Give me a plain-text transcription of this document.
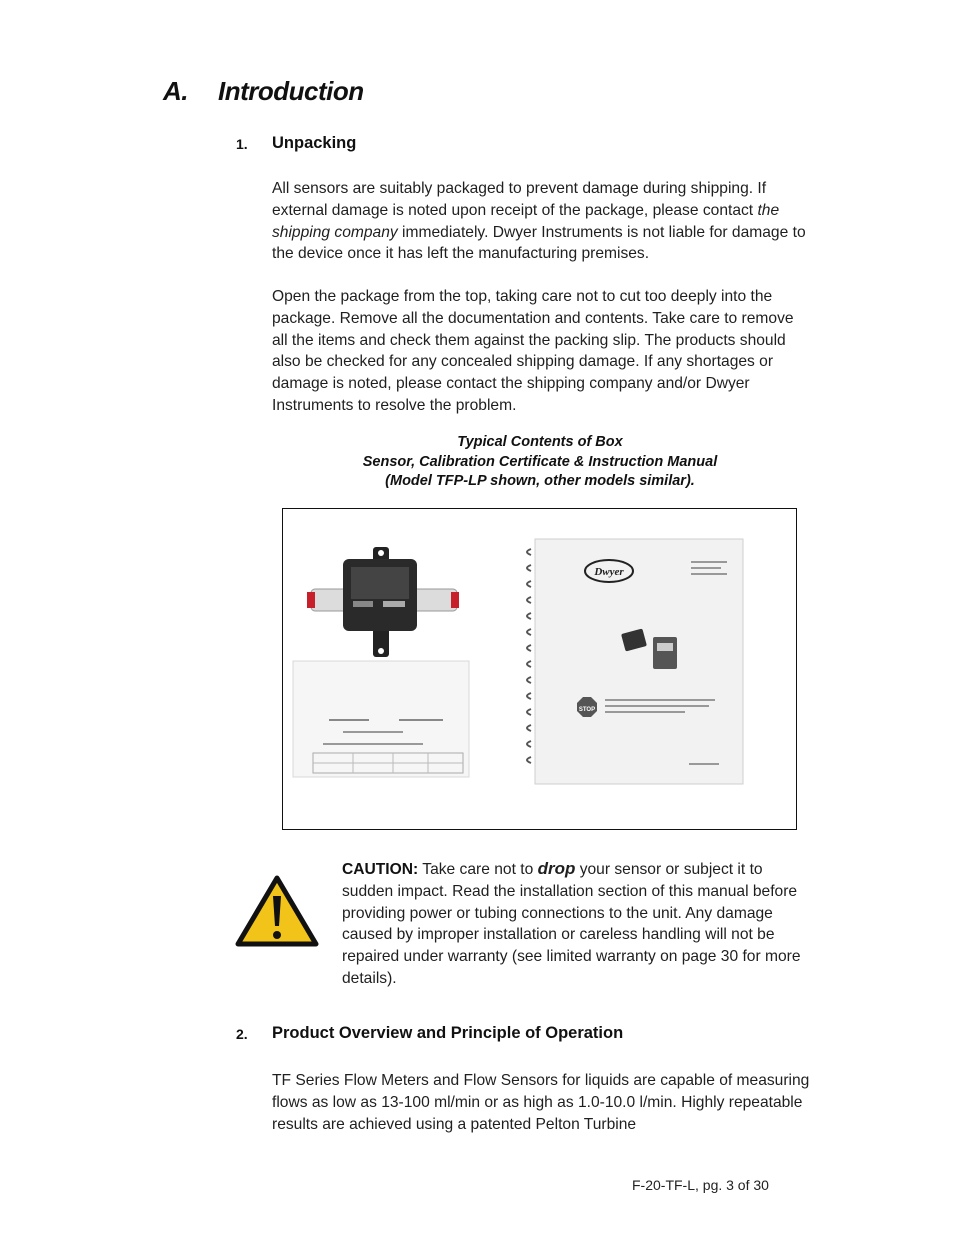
A. Introduction
1. Unpacking
All sensors are suitably packaged to prevent damage during shipping. If external damage is noted upon receipt of the package, please contact the shipping company immediately. Dwyer Instruments is not liable for damage to the device once it has left the manufacturing premises.
Open the package from the top, taking care not to cut too deeply into the package. Remove all the documentation and contents. Take care to remove all the items and check them against the packing slip. The products should also be checked for any concealed shipping damage. If any shortages or damage is noted, please contact the shipping company and/or Dwyer Instruments to resolve the problem.
Typical Contents of Box
Sensor, Calibration Certificate & Instruction Manual
(Model TFP-LP shown, other models similar).
Dwyer
STOP
CAUTION: Take care not to drop your sensor or subject it to sudden impact. Read the installation section of this manual before providing power or tubing connections to the unit. Any damage caused by improper installation or careless handling will not be repaired under warranty (see limited warranty on page 30 for more details).
2. Product Overview and Principle of Operation
TF Series Flow Meters and Flow Sensors for liquids are capable of measuring flows as low as 13-100 ml/min or as high as 1.0-10.0 l/min. Highly repeatable results are achieved using a patented Pelton Turbine
F-20-TF-L, pg. 3 of 30
